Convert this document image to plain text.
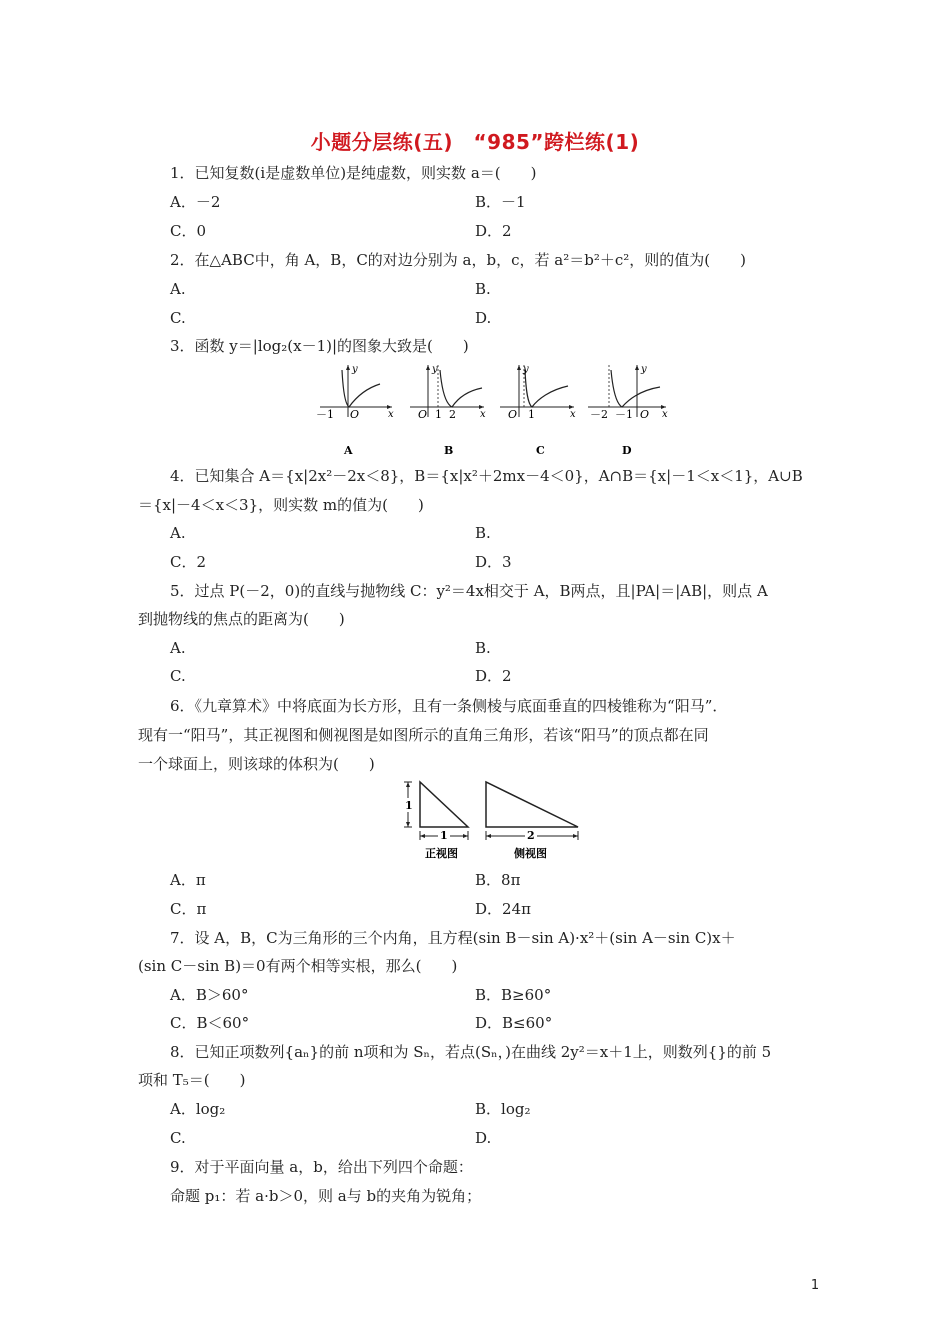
小题分层练(五)　“985”跨栏练(1)
1．已知复数(i是虚数单位)是纯虚数，则实数 a＝(　　)
A．－2	B．－1
C．0	D．2
2．在△ABC中，角 A，B，C的对边分别为 a，b，c，若 a²＝b²＋c²，则的值为(　　)
A.	B.
C.	D.
3．函数 y＝|log₂(x－1)|的图象大致是(　　)
y
x
－1 O
A
y
x
O 1 2
B
y
x
O 1
C
y
x
－2 －1 O
D
4．已知集合 A＝{x|2x²－2x＜8}，B＝{x|x²＋2mx－4＜0}，A∩B＝{x|－1＜x＜1}，A∪B
＝{x|－4＜x＜3}，则实数 m的值为(　　)
A.	B.
C．2	D．3
5．过点 P(－2，0)的直线与抛物线 C：y²＝4x相交于 A，B两点，且|PA|＝|AB|，则点 A
到抛物线的焦点的距离为(　　)
A.	B.
C.	D．2
6．《九章算术》中将底面为长方形，且有一条侧棱与底面垂直的四棱锥称为“阳马”．
现有一“阳马”，其正视图和侧视图是如图所示的直角三角形，若该“阳马”的顶点都在同
一个球面上，则该球的体积为(　　)
1
1	2
正视图	侧视图
A．π	B．8π
C．π	D．24π
7．设 A，B，C为三角形的三个内角，且方程(sin B－sin A)·x²＋(sin A－sin C)x＋
(sin C－sin B)＝0有两个相等实根，那么(　　)
A．B＞60°	B．B≥60°
C．B＜60°	D．B≤60°
8．已知正项数列{aₙ}的前 n项和为 Sₙ，若点(Sₙ，)在曲线 2y²＝x＋1上，则数列{}的前 5
项和 T₅＝(　　)
A．log₂	B．log₂
C.	D.
9．对于平面向量 a，b，给出下列四个命题：
命题 p₁：若 a·b＞0，则 a与 b的夹角为锐角；
1
